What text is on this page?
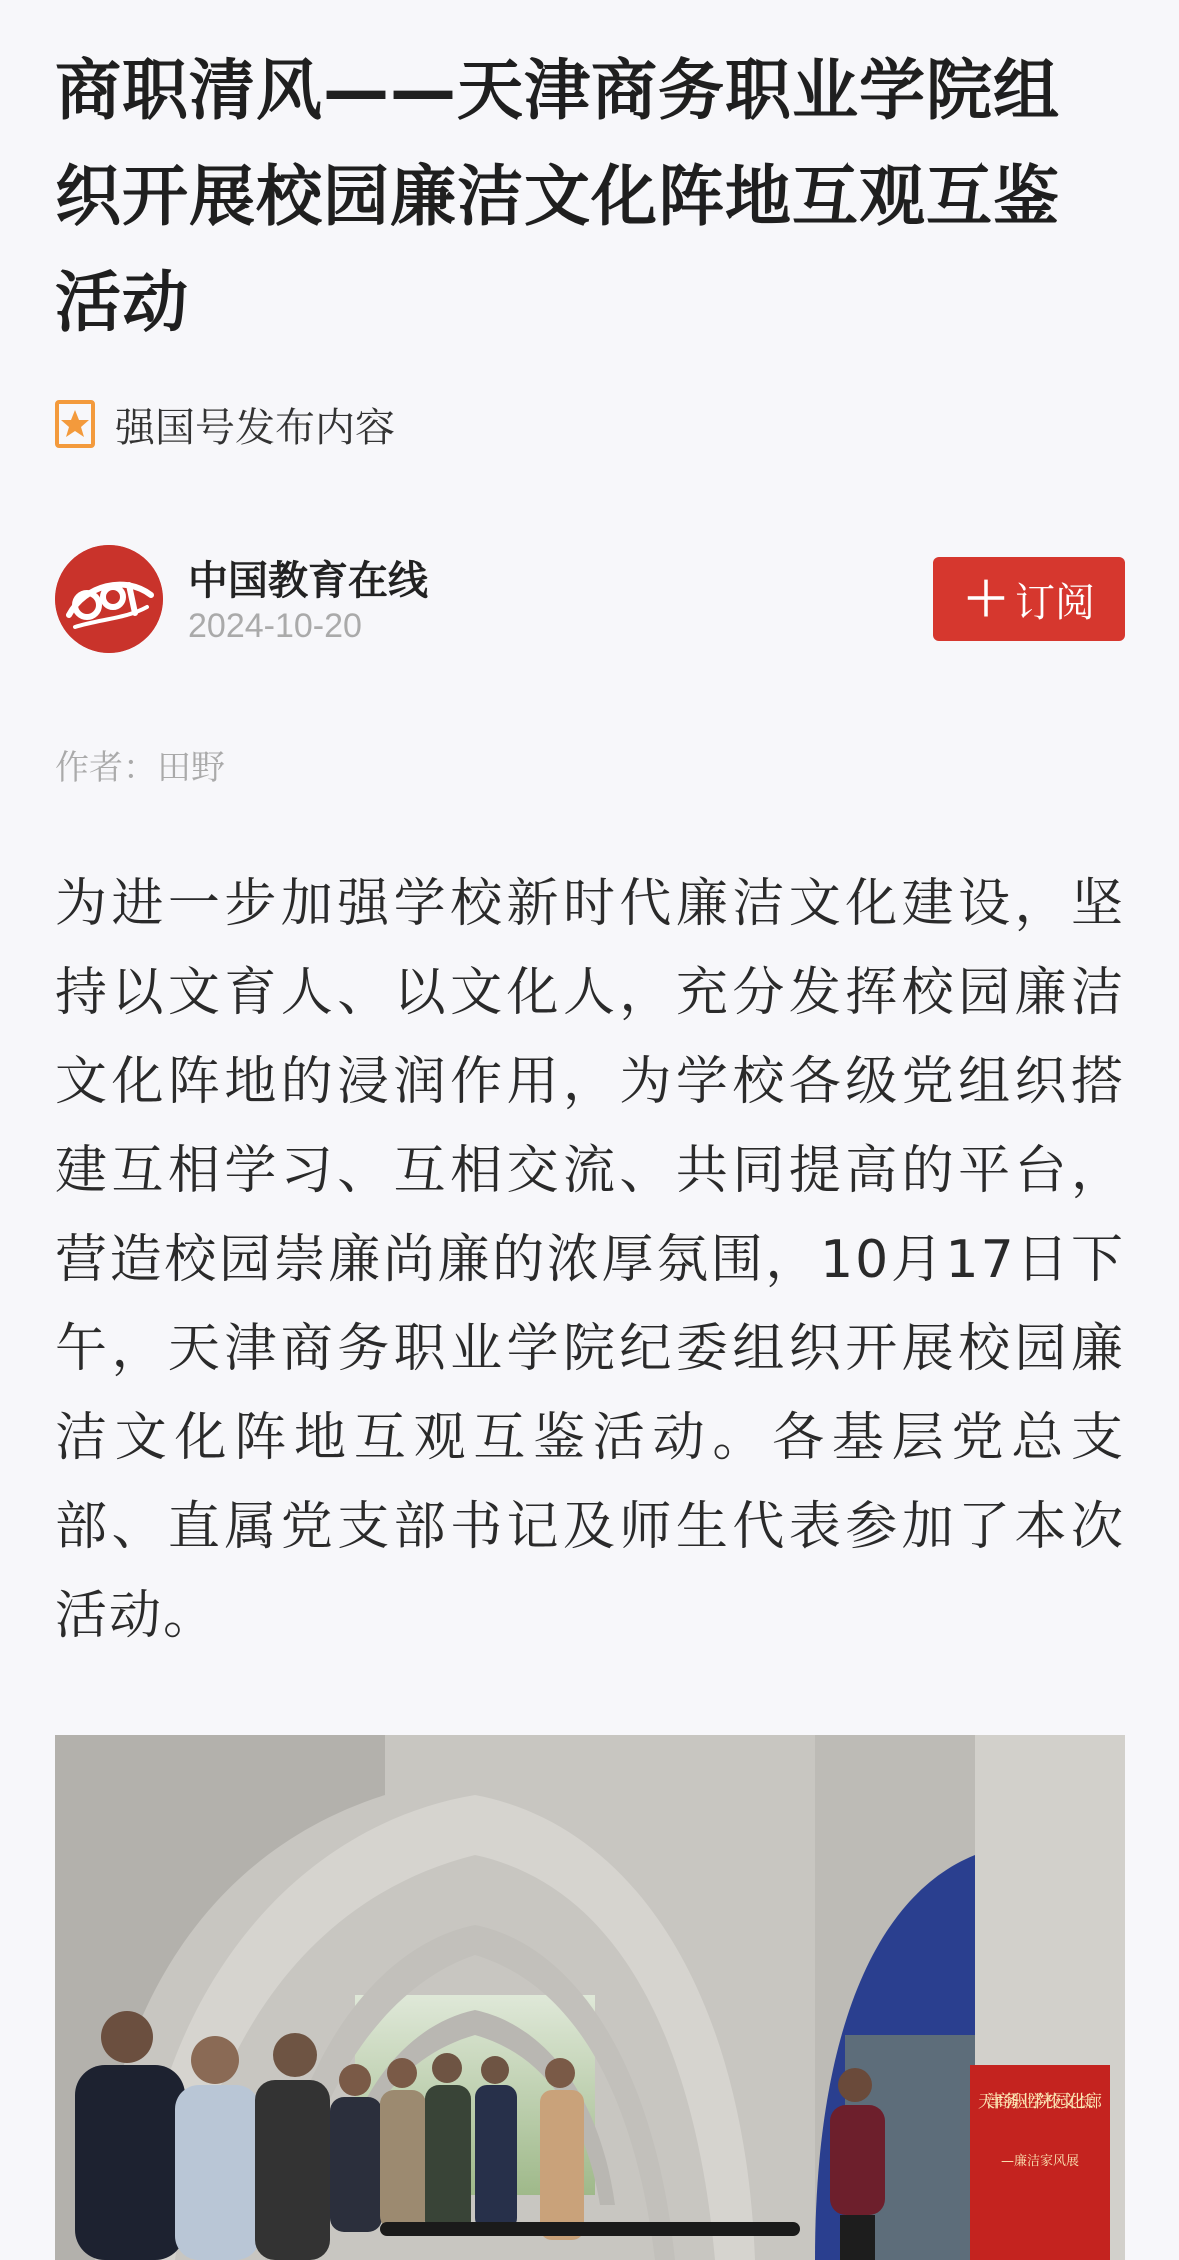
商职清风——天津商务职业学院组织开展校园廉洁文化阵地互观互鉴活动
强国号发布内容
中国教育在线
2024-10-20	＋ 订阅
作者：田野

为进一步加强学校新时代廉洁文化建设，坚持以文育人、以文化人，充分发挥校园廉洁文化阵地的浸润作用，为学校各级党组织搭建互相学习、互相交流、共同提高的平台，营造校园崇廉尚廉的浓厚氛围，10月17日下午，天津商务职业学院纪委组织开展校园廉洁文化阵地互观互鉴活动。各基层党总支部、直属党支部书记及师生代表参加了本次活动。

天津商务职业学院校园文化长廊
—廉洁家风展
